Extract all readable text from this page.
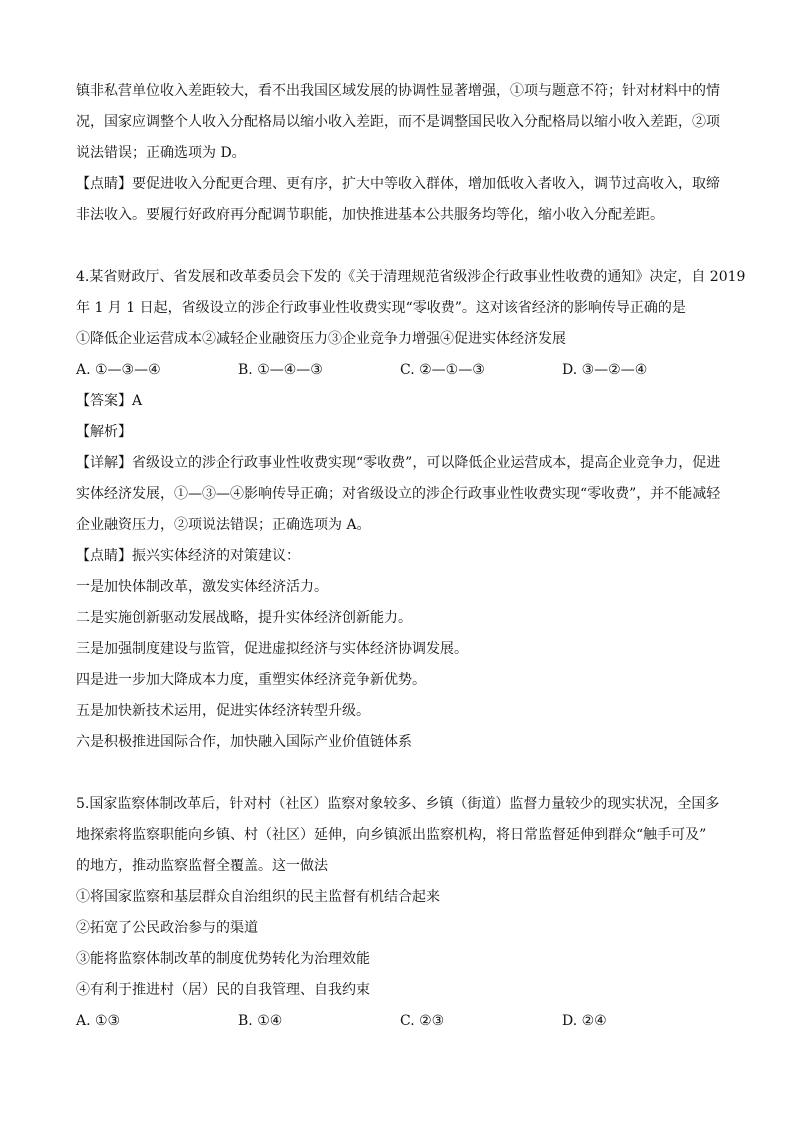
镇非私营单位收入差距较大，看不出我国区域发展的协调性显著增强，①项与题意不符；针对材料中的情
况，国家应调整个人收入分配格局以缩小收入差距，而不是调整国民收入分配格局以缩小收入差距，②项
说法错误；正确选项为 D。
【点睛】要促进收入分配更合理、更有序，扩大中等收入群体，增加低收入者收入，调节过高收入，取缔
非法收入。要履行好政府再分配调节职能，加快推进基本公共服务均等化，缩小收入分配差距。
4.某省财政厅、省发展和改革委员会下发的《关于清理规范省级涉企行政事业性收费的通知》决定，自 2019
年 1 月 1 日起，省级设立的涉企行政事业性收费实现“零收费”。这对该省经济的影响传导正确的是
①降低企业运营成本②减轻企业融资压力③企业竞争力增强④促进实体经济发展
A. ①—③—④	B. ①—④—③	C. ②—①—③	D. ③—②—④
【答案】A
【解析】
【详解】省级设立的涉企行政事业性收费实现“零收费”，可以降低企业运营成本，提高企业竞争力，促进
实体经济发展，①—③—④影响传导正确；对省级设立的涉企行政事业性收费实现“零收费”，并不能减轻
企业融资压力，②项说法错误；正确选项为 A。
【点睛】振兴实体经济的对策建议：
一是加快体制改革，激发实体经济活力。
二是实施创新驱动发展战略，提升实体经济创新能力。
三是加强制度建设与监管，促进虚拟经济与实体经济协调发展。
四是进一步加大降成本力度，重塑实体经济竞争新优势。
五是加快新技术运用，促进实体经济转型升级。
六是积极推进国际合作，加快融入国际产业价值链体系
5.国家监察体制改革后，针对村（社区）监察对象较多、乡镇（街道）监督力量较少的现实状况，全国多
地探索将监察职能向乡镇、村（社区）延伸，向乡镇派出监察机构，将日常监督延伸到群众“触手可及”
的地方，推动监察监督全覆盖。这一做法
①将国家监察和基层群众自治组织的民主监督有机结合起来
②拓宽了公民政治参与的渠道
③能将监察体制改革的制度优势转化为治理效能
④有利于推进村（居）民的自我管理、自我约束
A. ①③	B. ①④	C. ②③	D. ②④
